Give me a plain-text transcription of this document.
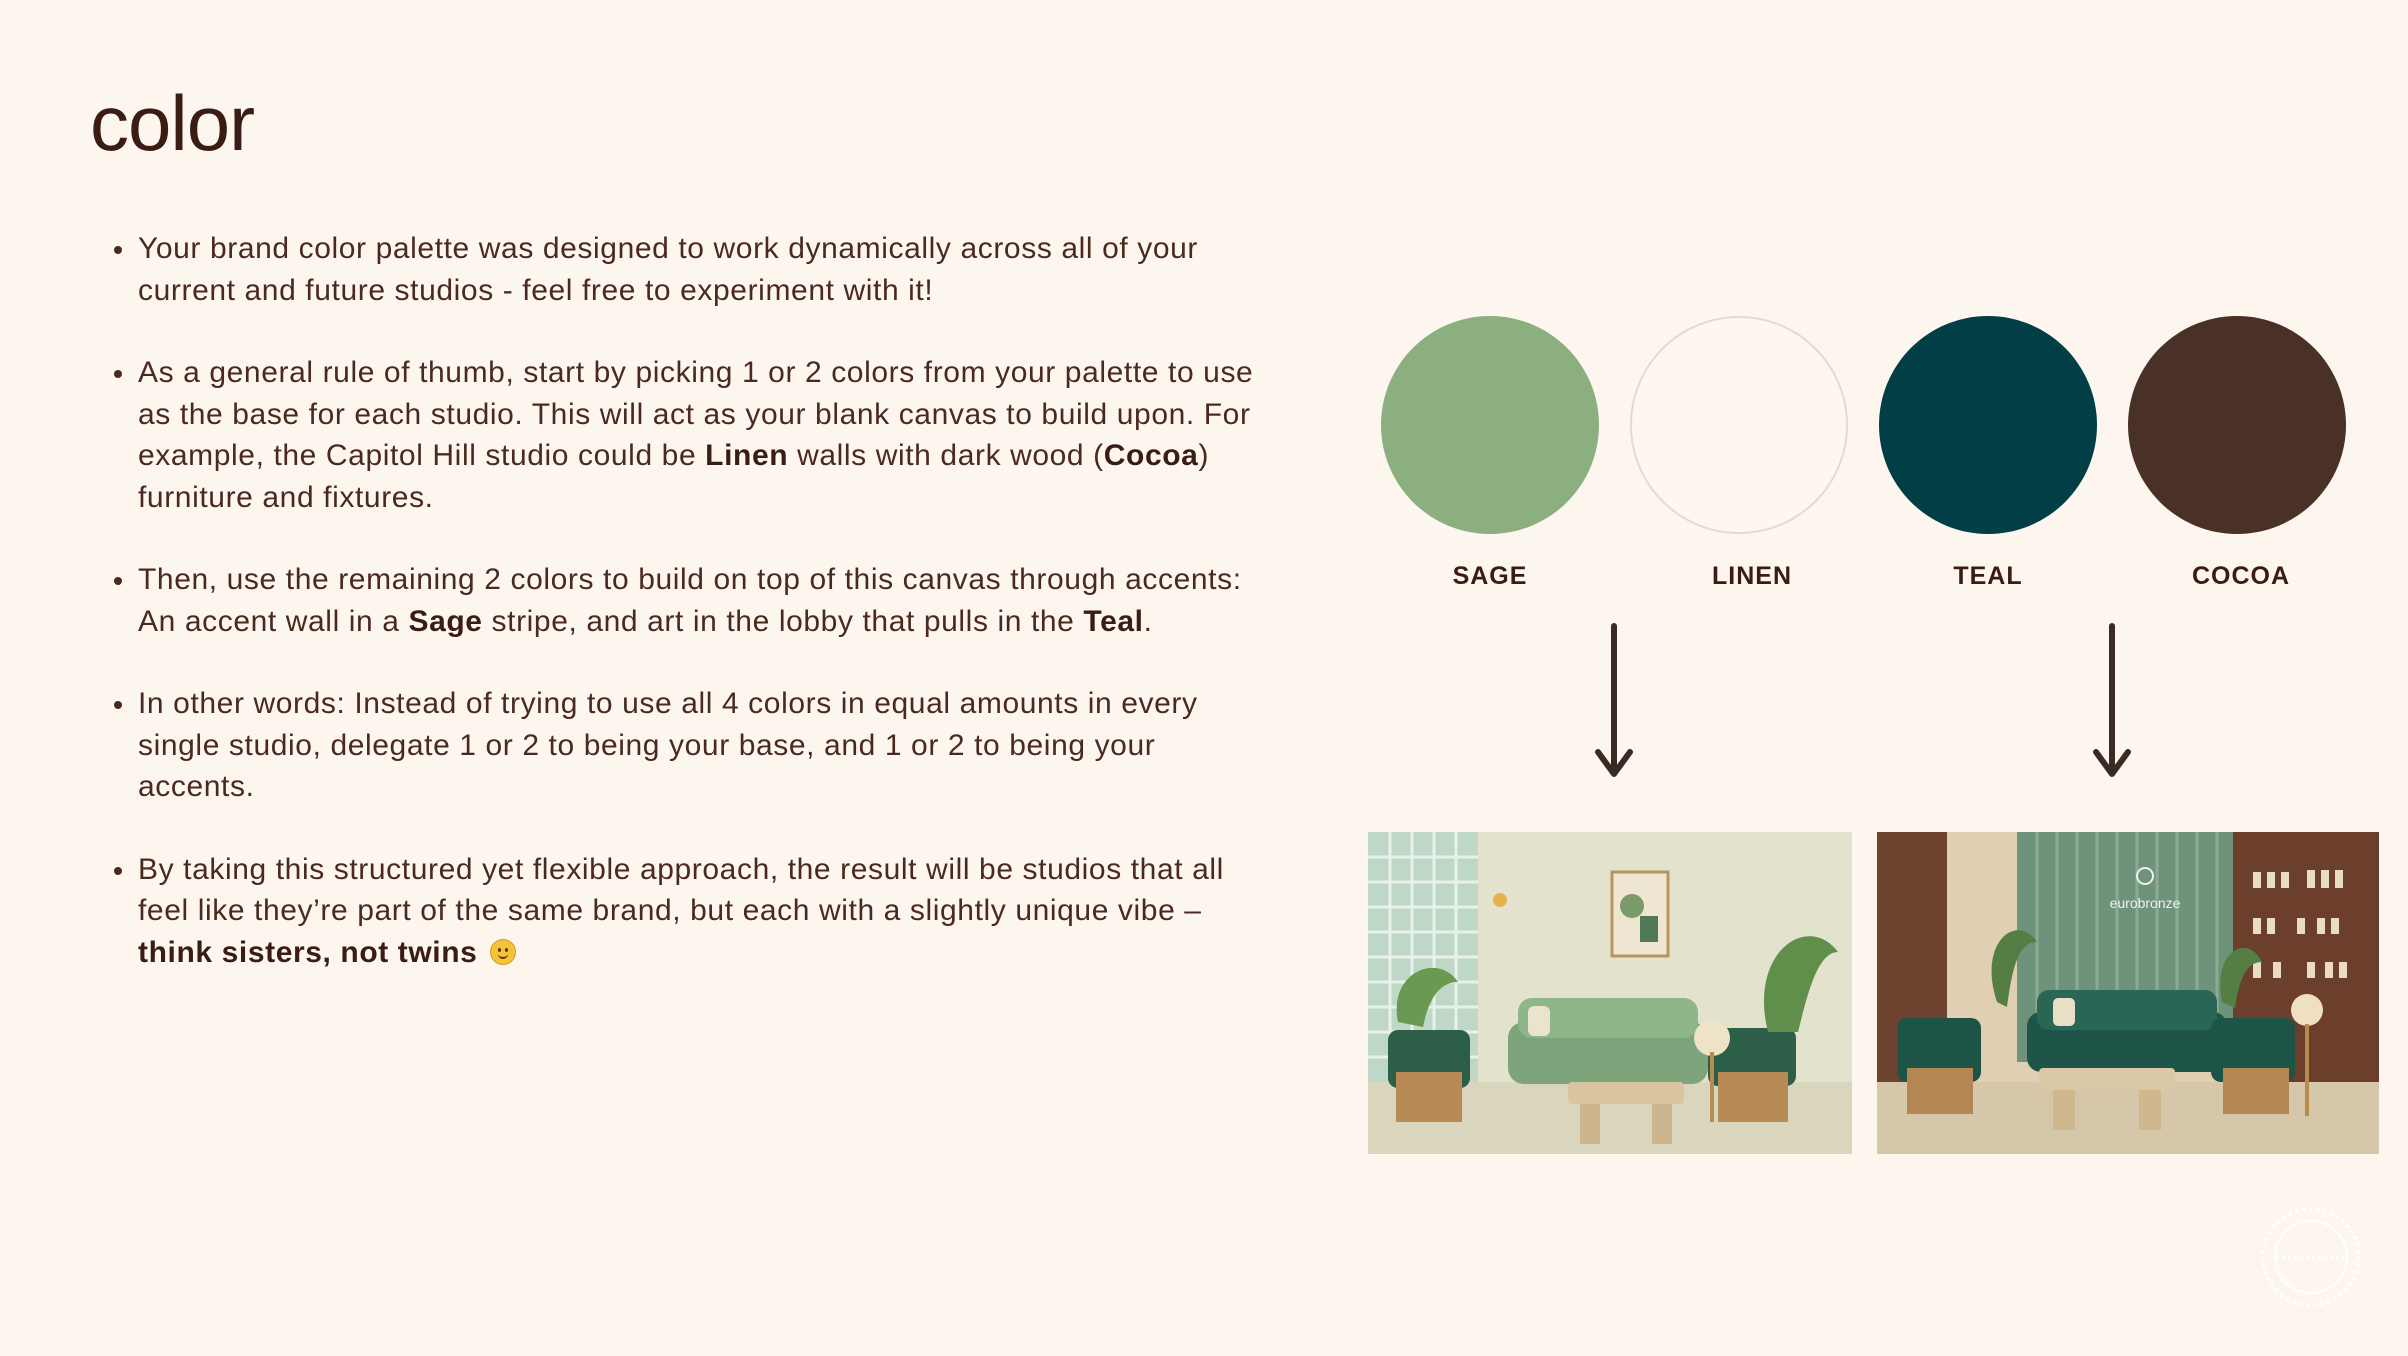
color
Your brand color palette was designed to work dynamically across all of your current and future studios - feel free to experiment with it!
As a general rule of thumb, start by picking 1 or 2 colors from your palette to use as the base for each studio. This will act as your blank canvas to build upon. For example, the Capitol Hill studio could be Linen walls with dark wood (Cocoa) furniture and fixtures.
Then, use the remaining 2 colors to build on top of this canvas through accents: An accent wall in a Sage stripe, and art in the lobby that pulls in the Teal.
In other words: Instead of trying to use all 4 colors in equal amounts in every single studio, delegate 1 or 2 to being your base, and 1 or 2 to being your accents.
By taking this structured yet flexible approach, the result will be studios that all feel like they’re part of the same brand, but each with a slightly unique vibe – think sisters, not twins
SAGE	LINEN	TEAL	COCOA
eurobronze
